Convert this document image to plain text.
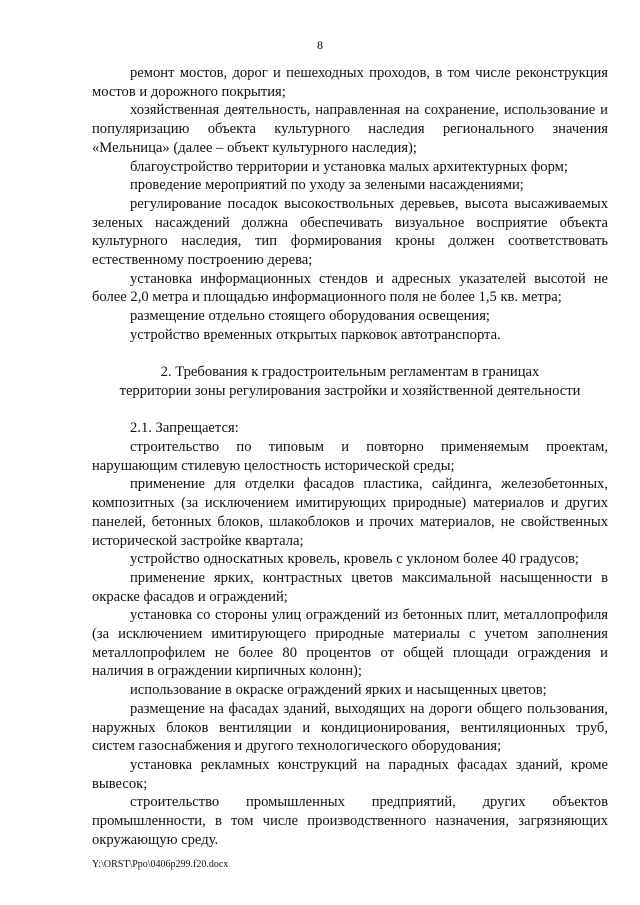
8

ремонт мостов, дорог и пешеходных проходов, в том числе реконструкция мостов и дорожного покрытия;

хозяйственная деятельность, направленная на сохранение, использование и популяризацию объекта культурного наследия регионального значения «Мельница» (далее – объект культурного наследия);

благоустройство территории и установка малых архитектурных форм;

проведение мероприятий по уходу за зелеными насаждениями;

регулирование посадок высокоствольных деревьев, высота высаживаемых зеленых насаждений должна обеспечивать визуальное восприятие объекта культурного наследия, тип формирования кроны должен соответствовать естественному построению дерева;

установка информационных стендов и адресных указателей высотой не более 2,0 метра и площадью информационного поля не более 1,5 кв. метра;

размещение отдельно стоящего оборудования освещения;

устройство временных открытых парковок автотранспорта.

2. Требования к градостроительным регламентам в границах

территории зоны регулирования застройки и хозяйственной деятельности

2.1. Запрещается:

строительство по типовым и повторно применяемым проектам, нарушающим стилевую целостность исторической среды;

применение для отделки фасадов пластика, сайдинга, железобетонных, композитных (за исключением имитирующих природные) материалов и других панелей, бетонных блоков, шлакоблоков и прочих материалов, не свойственных исторической застройке квартала;

устройство односкатных кровель, кровель с уклоном более 40 градусов;

применение ярких, контрастных цветов максимальной насыщенности в окраске фасадов и ограждений;

установка со стороны улиц ограждений из бетонных плит, металлопрофиля (за исключением имитирующего природные материалы с учетом заполнения металлопрофилем не более 80 процентов от общей площади ограждения и наличия в ограждении кирпичных колонн);

использование в окраске ограждений ярких и насыщенных цветов;

размещение на фасадах зданий, выходящих на дороги общего пользования, наружных блоков вентиляции и кондиционирования, вентиляционных труб, систем газоснабжения и другого технологического оборудования;

установка рекламных конструкций на парадных фасадах зданий, кроме вывесок;

строительство промышленных предприятий, других объектов промышленности, в том числе производственного назначения, загрязняющих окружающую среду.

Y:\ORST\Ppo\0406p299.f20.docx
